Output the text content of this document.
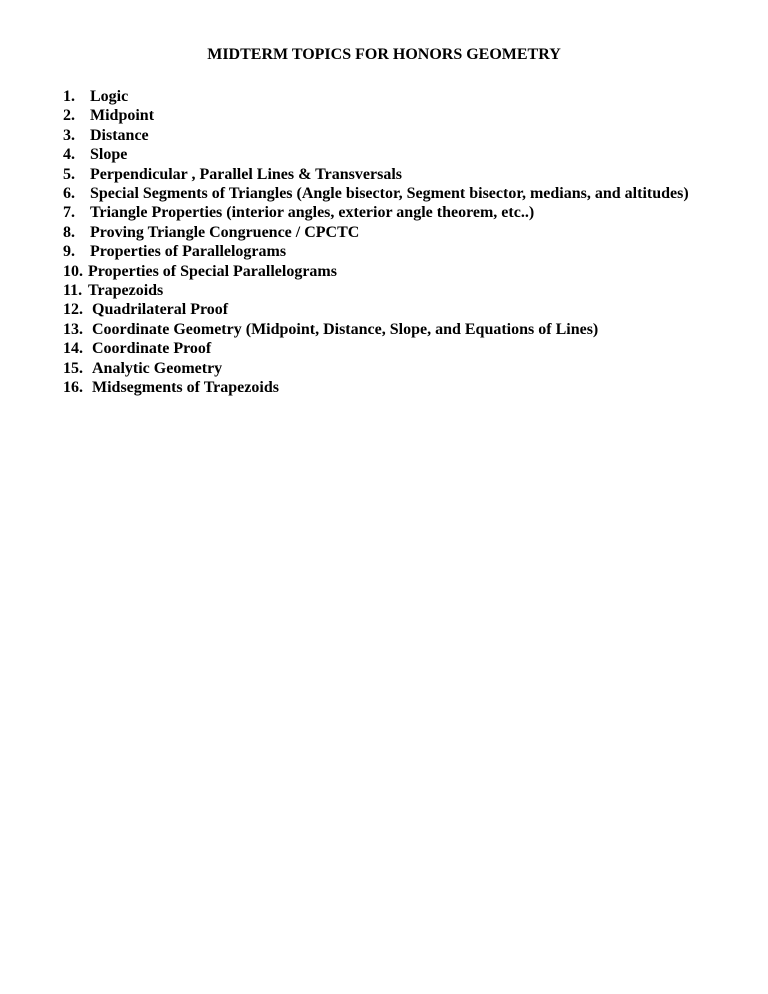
MIDTERM TOPICS FOR HONORS GEOMETRY
1. Logic
2. Midpoint
3. Distance
4. Slope
5. Perpendicular , Parallel Lines & Transversals
6. Special Segments of Triangles (Angle bisector, Segment bisector, medians, and altitudes)
7. Triangle Properties (interior angles, exterior angle theorem, etc..)
8. Proving Triangle Congruence / CPCTC
9. Properties of Parallelograms
10. Properties of Special Parallelograms
11. Trapezoids
12. Quadrilateral Proof
13. Coordinate Geometry (Midpoint, Distance, Slope, and Equations of Lines)
14. Coordinate Proof
15. Analytic Geometry
16. Midsegments of Trapezoids
